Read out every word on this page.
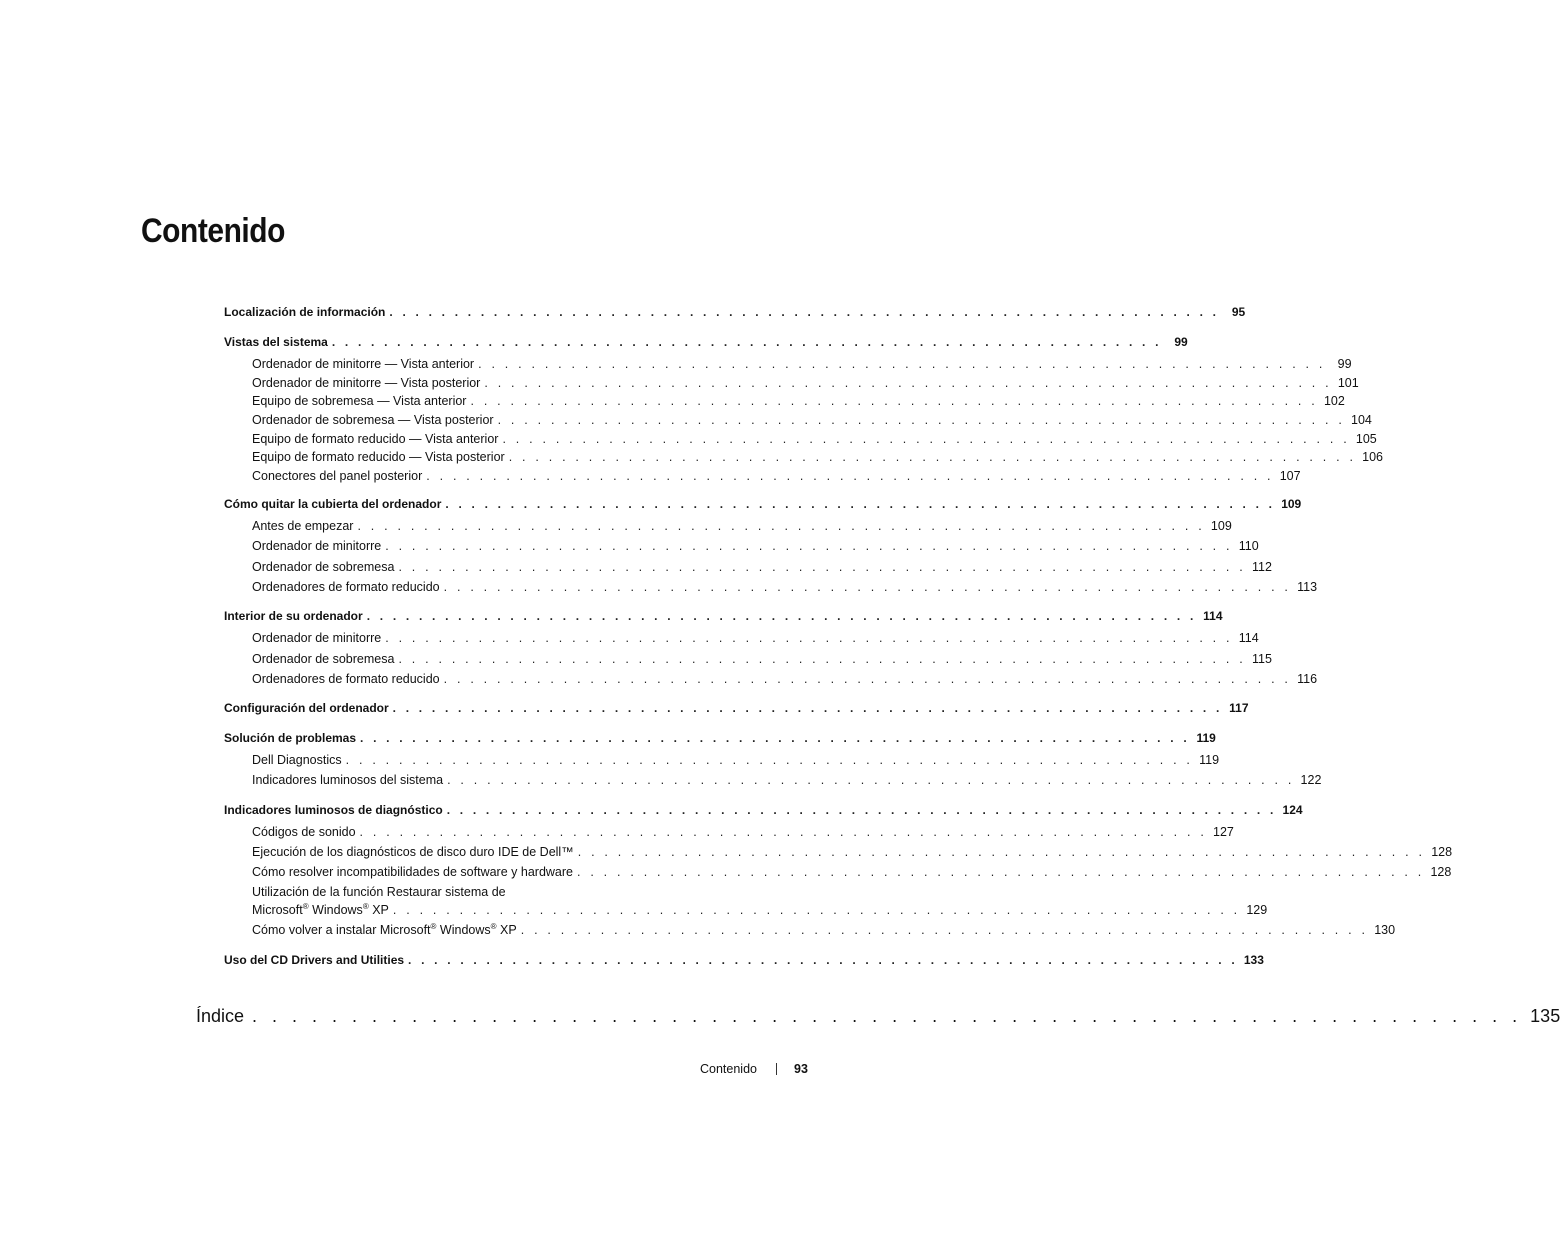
Contenido
Localización de información . . . . . . . . . . . . . . . . . . . . . . . . . . . . . . . . . . . . . . . . . . . . . . . . . . . . . . . . . . . . . . . .	95
Vistas del sistema . . . . . . . . . . . . . . . . . . . . . . . . . . . . . . . . . . . . . . . . . . . . . . . . . . . . . . . . . . . . . . . .	99
Ordenador de minitorre — Vista anterior . . . . . . . . . . . . . . . . . . . . . . . . . . . . . . . . . . . . . . . . . . . . . . . . . . . . . . . . . . . . . . . . 99
Ordenador de minitorre — Vista posterior . . . . . . . . . . . . . . . . . . . . . . . . . . . . . . . . . . . . . . . . . . . . . . . . . . . . . . . . . . . . . . . . 101
Equipo de sobremesa — Vista anterior . . . . . . . . . . . . . . . . . . . . . . . . . . . . . . . . . . . . . . . . . . . . . . . . . . . . . . . . . . . . . . . . 102
Ordenador de sobremesa — Vista posterior . . . . . . . . . . . . . . . . . . . . . . . . . . . . . . . . . . . . . . . . . . . . . . . . . . . . . . . . . . . . . . . . 104
Equipo de formato reducido — Vista anterior . . . . . . . . . . . . . . . . . . . . . . . . . . . . . . . . . . . . . . . . . . . . . . . . . . . . . . . . . . . . . . . . 105
Equipo de formato reducido — Vista posterior . . . . . . . . . . . . . . . . . . . . . . . . . . . . . . . . . . . . . . . . . . . . . . . . . . . . . . . . . . . . . . . . 106
Conectores del panel posterior . . . . . . . . . . . . . . . . . . . . . . . . . . . . . . . . . . . . . . . . . . . . . . . . . . . . . . . . . . . . . . . . 107
Cómo quitar la cubierta del ordenador . . . . . . . . . . . . . . . . . . . . . . . . . . . . . . . . . . . . . . . . . . . . . . . . . . . . . . . . . . . . . . . . 109
Antes de empezar . . . . . . . . . . . . . . . . . . . . . . . . . . . . . . . . . . . . . . . . . . . . . . . . . . . . . . . . . . . . . . . . 109
Ordenador de minitorre . . . . . . . . . . . . . . . . . . . . . . . . . . . . . . . . . . . . . . . . . . . . . . . . . . . . . . . . . . . . . . . . 110
Ordenador de sobremesa . . . . . . . . . . . . . . . . . . . . . . . . . . . . . . . . . . . . . . . . . . . . . . . . . . . . . . . . . . . . . . . . 112
Ordenadores de formato reducido . . . . . . . . . . . . . . . . . . . . . . . . . . . . . . . . . . . . . . . . . . . . . . . . . . . . . . . . . . . . . . . . 113
Interior de su ordenador . . . . . . . . . . . . . . . . . . . . . . . . . . . . . . . . . . . . . . . . . . . . . . . . . . . . . . . . . . . . . . . . 114
Ordenador de minitorre . . . . . . . . . . . . . . . . . . . . . . . . . . . . . . . . . . . . . . . . . . . . . . . . . . . . . . . . . . . . . . . . 114
Ordenador de sobremesa . . . . . . . . . . . . . . . . . . . . . . . . . . . . . . . . . . . . . . . . . . . . . . . . . . . . . . . . . . . . . . . . 115
Ordenadores de formato reducido . . . . . . . . . . . . . . . . . . . . . . . . . . . . . . . . . . . . . . . . . . . . . . . . . . . . . . . . . . . . . . . . 116
Configuración del ordenador . . . . . . . . . . . . . . . . . . . . . . . . . . . . . . . . . . . . . . . . . . . . . . . . . . . . . . . . . . . . . . . . 117
Solución de problemas . . . . . . . . . . . . . . . . . . . . . . . . . . . . . . . . . . . . . . . . . . . . . . . . . . . . . . . . . . . . . . . . 119
Dell Diagnostics . . . . . . . . . . . . . . . . . . . . . . . . . . . . . . . . . . . . . . . . . . . . . . . . . . . . . . . . . . . . . . . . 119
Indicadores luminosos del sistema . . . . . . . . . . . . . . . . . . . . . . . . . . . . . . . . . . . . . . . . . . . . . . . . . . . . . . . . . . . . . . . . 122
Indicadores luminosos de diagnóstico . . . . . . . . . . . . . . . . . . . . . . . . . . . . . . . . . . . . . . . . . . . . . . . . . . . . . . . . . . . . . . . . 124
Códigos de sonido . . . . . . . . . . . . . . . . . . . . . . . . . . . . . . . . . . . . . . . . . . . . . . . . . . . . . . . . . . . . . . . . 127
Ejecución de los diagnósticos de disco duro IDE de Dell™ . . . . . . . . . . . . . . . . . . . . . . . . . . . . . . . . . . . . . . . . . . . . . . . . . . . . . . . . . . . . . . . . 128
Cómo resolver incompatibilidades de software y hardware . . . . . . . . . . . . . . . . . . . . . . . . . . . . . . . . . . . . . . . . . . . . . . . . . . . . . . . . . . . . . . . . 128
Utilización de la función Restaurar sistema de
Microsoft® Windows® XP . . . . . . . . . . . . . . . . . . . . . . . . . . . . . . . . . . . . . . . . . . . . . . . . . . . . . . . . . . . . . . . . 129
Cómo volver a instalar Microsoft® Windows® XP . . . . . . . . . . . . . . . . . . . . . . . . . . . . . . . . . . . . . . . . . . . . . . . . . . . . . . . . . . . . . . . . 130
Uso del CD Drivers and Utilities . . . . . . . . . . . . . . . . . . . . . . . . . . . . . . . . . . . . . . . . . . . . . . . . . . . . . . . . . . . . . . . . 133
Índice . . . . . . . . . . . . . . . . . . . . . . . . . . . . . . . . . . . . . . . . . . . . . . . . . . . . . . . . . . . . . . . . 135
Contenido	93
